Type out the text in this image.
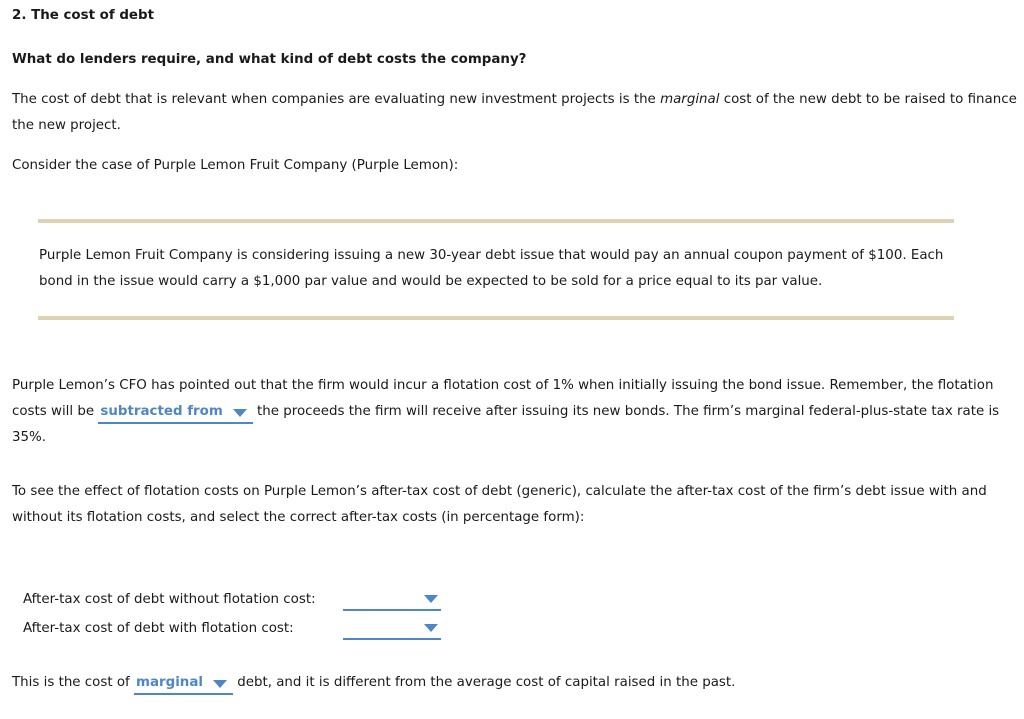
2. The cost of debt
What do lenders require, and what kind of debt costs the company?
The cost of debt that is relevant when companies are evaluating new investment projects is the marginal cost of the new debt to be raised to finance
the new project.
Consider the case of Purple Lemon Fruit Company (Purple Lemon):
Purple Lemon Fruit Company is considering issuing a new 30-year debt issue that would pay an annual coupon payment of $100. Each
bond in the issue would carry a $1,000 par value and would be expected to be sold for a price equal to its par value.
Purple Lemon’s CFO has pointed out that the firm would incur a flotation cost of 1% when initially issuing the bond issue. Remember, the flotation
costs will be subtracted from
the proceeds the firm will receive after issuing its new bonds. The firm’s marginal federal-plus-state tax rate is
35%.
To see the effect of flotation costs on Purple Lemon’s after-tax cost of debt (generic), calculate the after-tax cost of the firm’s debt issue with and
without its flotation costs, and select the correct after-tax costs (in percentage form):
After-tax cost of debt without flotation cost:
After-tax cost of debt with flotation cost:
This is the cost of marginal
debt, and it is different from the average cost of capital raised in the past.
